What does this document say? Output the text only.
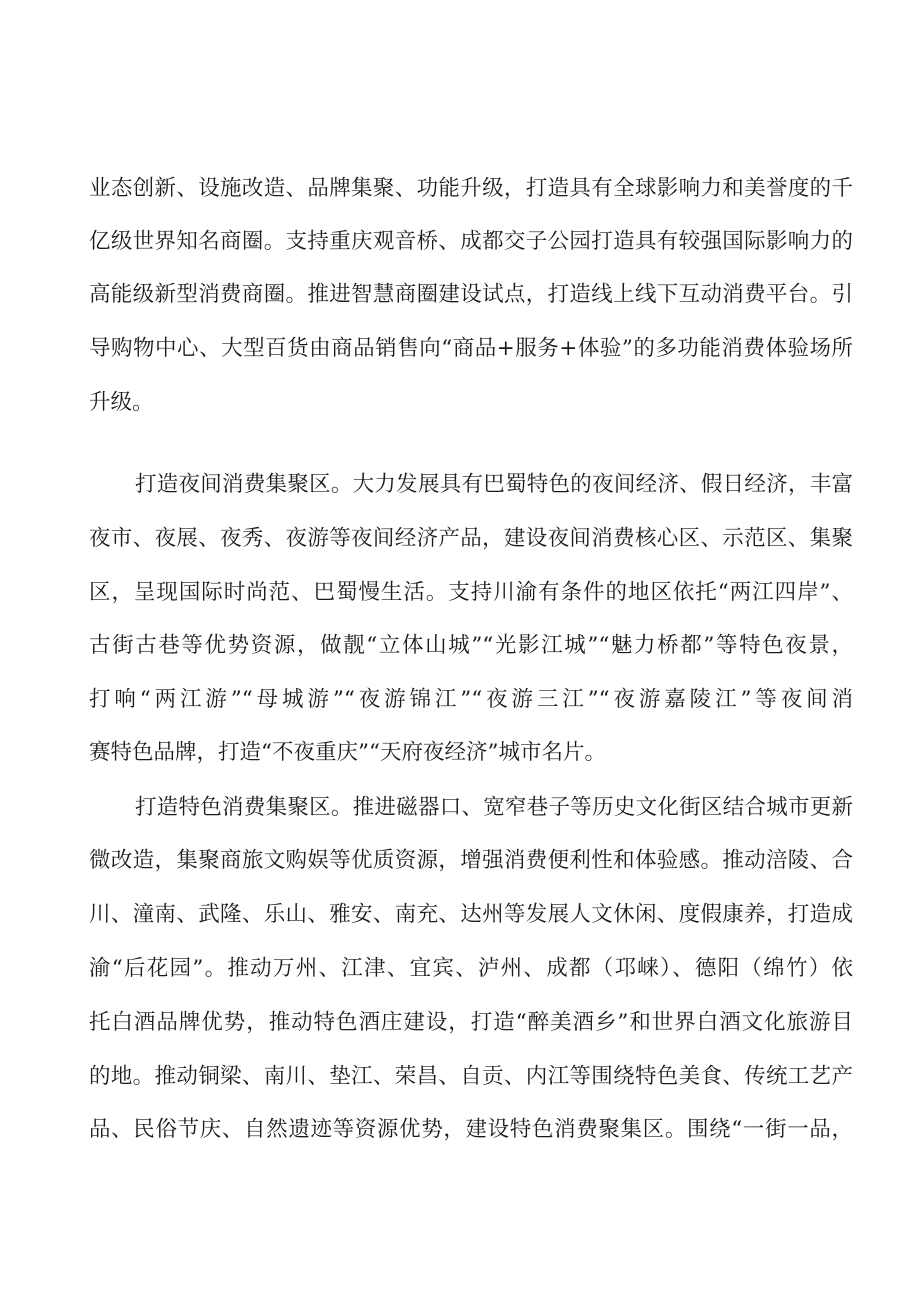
业态创新、设施改造、品牌集聚、功能升级，打造具有全球影响力和美誉度的千
亿级世界知名商圈。支持重庆观音桥、成都交子公园打造具有较强国际影响力的
高能级新型消费商圈。推进智慧商圈建设试点，打造线上线下互动消费平台。引
导购物中心、大型百货由商品销售向“商品+服务+体验”的多功能消费体验场所
升级。
打造夜间消费集聚区。大力发展具有巴蜀特色的夜间经济、假日经济，丰富
夜市、夜展、夜秀、夜游等夜间经济产品，建设夜间消费核心区、示范区、集聚
区，呈现国际时尚范、巴蜀慢生活。支持川渝有条件的地区依托“两江四岸”、
古街古巷等优势资源，做靓“立体山城”“光影江城”“魅力桥都”等特色夜景，
打响“两江游”“母城游”“夜游锦江”“夜游三江”“夜游嘉陵江”等夜间消
赛特色品牌，打造“不夜重庆”“天府夜经济”城市名片。
打造特色消费集聚区。推进磁器口、宽窄巷子等历史文化街区结合城市更新
微改造，集聚商旅文购娱等优质资源，增强消费便利性和体验感。推动涪陵、合
川、潼南、武隆、乐山、雅安、南充、达州等发展人文休闲、度假康养，打造成
渝“后花园”。推动万州、江津、宜宾、泸州、成都（邛崃）、德阳（绵竹）依
托白酒品牌优势，推动特色酒庄建设，打造“醉美酒乡”和世界白酒文化旅游目
的地。推动铜梁、南川、垫江、荣昌、自贡、内江等围绕特色美食、传统工艺产
品、民俗节庆、自然遗迹等资源优势，建设特色消费聚集区。围绕“一街一品，
